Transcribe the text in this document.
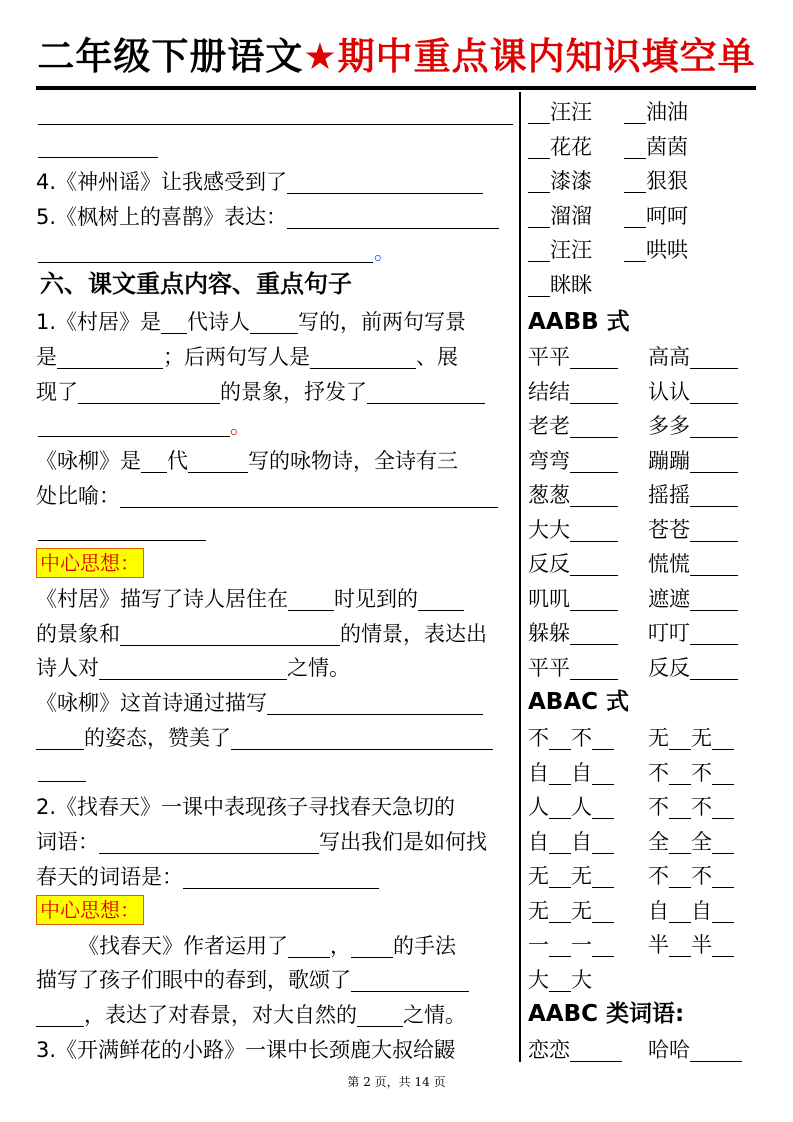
二年级下册语文★期中重点课内知识填空单
4.《神州谣》让我感受到了
5.《枫树上的喜鹊》表达：
。
六、课文重点内容、重点句子
1.《村居》是 代诗人 写的，前两句写景
是	；后两句写人是	、展
现了	的景象，抒发了
。
《咏柳》是 代	写的咏物诗，全诗有三
处比喻：
中心思想：
《村居》描写了诗人居住在 时见到的
的景象和	的情景，表达出
诗人对	之情。
《咏柳》这首诗通过描写
的姿态，赞美了
2.《找春天》一课中表现孩子寻找春天急切的
词语：	写出我们是如何找
春天的词语是：
中心思想：
《找春天》作者运用了 ， 的手法
描写了孩子们眼中的春到，歌颂了
，表达了对春景，对大自然的 之情。
3.《开满鲜花的小路》一课中长颈鹿大叔给鼹
汪汪	油油
花花	茵茵
漆漆	狠狠
溜溜	呵呵
汪汪	哄哄
眯眯
AABB 式
平平	高高
结结	认认
老老	多多
弯弯	蹦蹦
葱葱	摇摇
大大	苍苍
反反	慌慌
叽叽	遮遮
躲躲	叮叮
平平	反反
ABAC 式
不 不	无 无
自 自	不 不
人 人	不 不
自 自	全 全
无 无	不 不
无 无	自 自
一 一	半 半
大 大
AABC 类词语:
恋恋	哈哈
第 2 页，共 14 页
